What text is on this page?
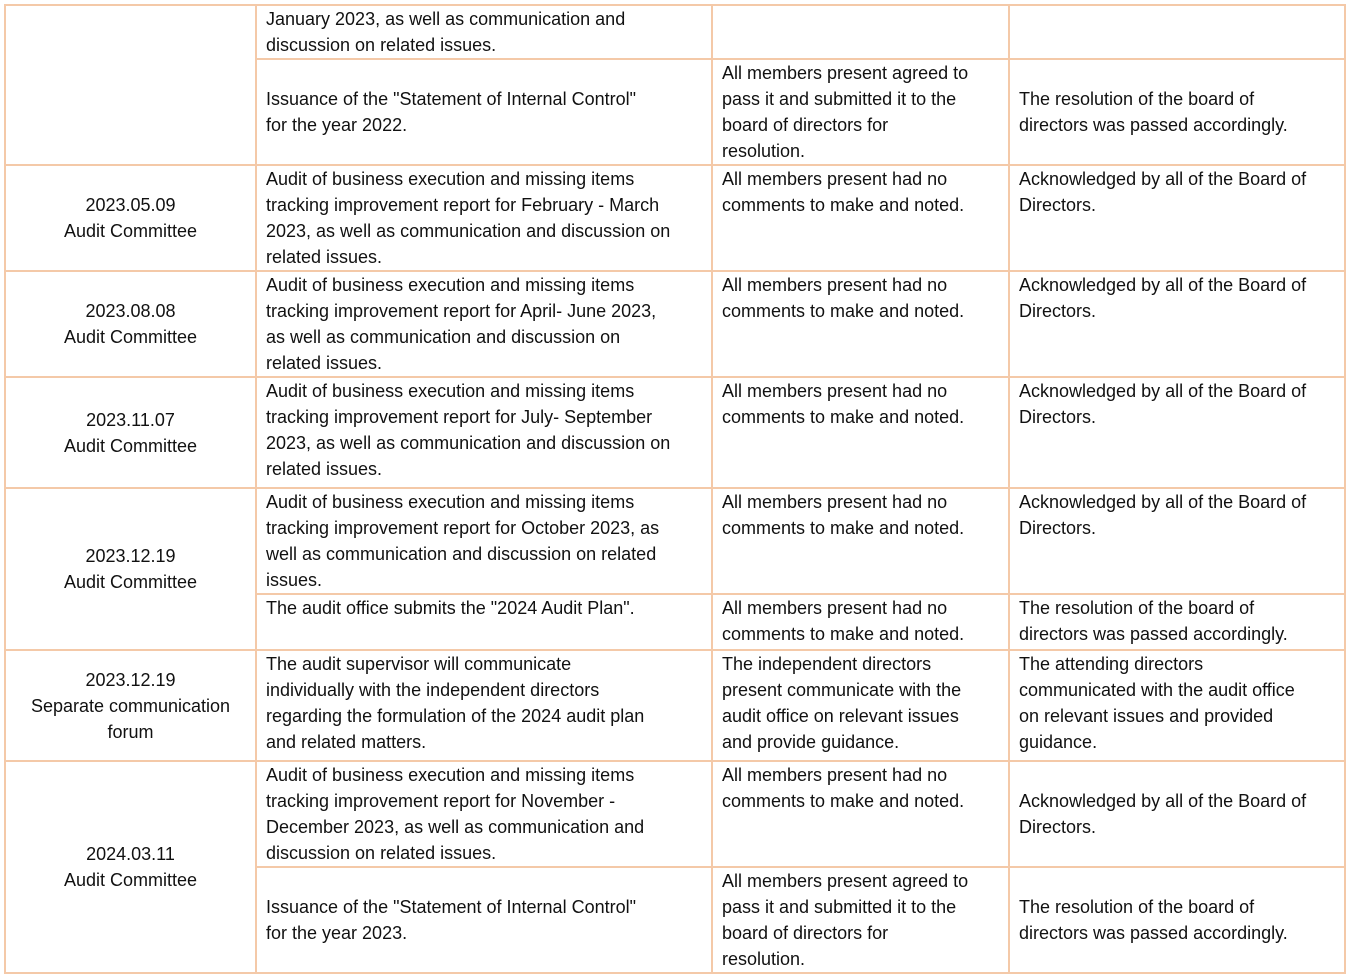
	January 2023, as well as communication and
discussion on related issues.		

	Issuance of the "Statement of Internal Control"
for the year 2022.	All members present agreed to
pass it and submitted it to the
board of directors for
resolution.	The resolution of the board of
directors was passed accordingly.

2023.05.09
Audit Committee	Audit of business execution and missing items
tracking improvement report for February - March
2023, as well as communication and discussion on
related issues.	All members present had no
comments to make and noted.	Acknowledged by all of the Board of
Directors.

2023.08.08
Audit Committee	Audit of business execution and missing items
tracking improvement report for April- June 2023,
as well as communication and discussion on
related issues.	All members present had no
comments to make and noted.	Acknowledged by all of the Board of
Directors.

2023.11.07
Audit Committee	Audit of business execution and missing items
tracking improvement report for July- September
2023, as well as communication and discussion on
related issues.	All members present had no
comments to make and noted.	Acknowledged by all of the Board of
Directors.

2023.12.19
Audit Committee	Audit of business execution and missing items
tracking improvement report for October 2023, as
well as communication and discussion on related
issues.	All members present had no
comments to make and noted.	Acknowledged by all of the Board of
Directors.

	The audit office submits the "2024 Audit Plan".	All members present had no
comments to make and noted.	The resolution of the board of
directors was passed accordingly.

2023.12.19
Separate communication
forum	The audit supervisor will communicate
individually with the independent directors
regarding the formulation of the 2024 audit plan
and related matters.	The independent directors
present communicate with the
audit office on relevant issues
and provide guidance.	The attending directors
communicated with the audit office
on relevant issues and provided
guidance.

2024.03.11
Audit Committee	Audit of business execution and missing items
tracking improvement report for November -
December 2023, as well as communication and
discussion on related issues.	All members present had no
comments to make and noted.	Acknowledged by all of the Board of
Directors.

	Issuance of the "Statement of Internal Control"
for the year 2023.	All members present agreed to
pass it and submitted it to the
board of directors for
resolution.	The resolution of the board of
directors was passed accordingly.
